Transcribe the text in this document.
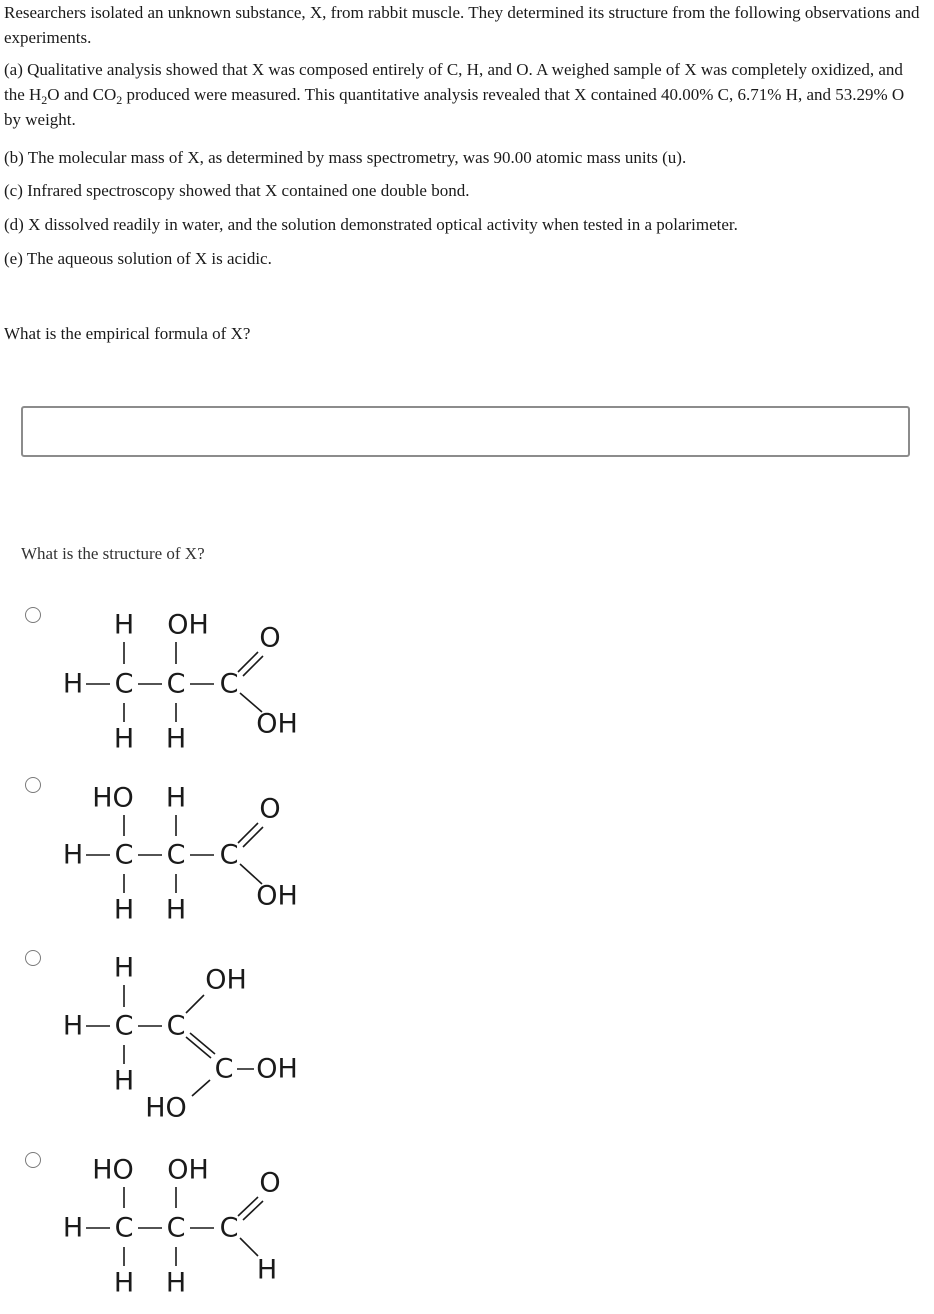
Researchers isolated an unknown substance, X, from rabbit muscle. They determined its structure from the following observations and experiments.

(a) Qualitative analysis showed that X was composed entirely of C, H, and O. A weighed sample of X was completely oxidized, and the $H_2O$ and $CO_2$ produced were measured. This quantitative analysis revealed that X contained 40.00% C, 6.71% H, and 53.29% O by weight.

(b) The molecular mass of X, as determined by mass spectrometry, was 90.00 atomic mass units (u).

(c) Infrared spectroscopy showed that X contained one double bond.

(d) X dissolved readily in water, and the solution demonstrated optical activity when tested in a polarimeter.

(e) The aqueous solution of X is acidic.

What is the empirical formula of X?

What is the structure of X?

H OH
H C C C
O
OH
H H
HO H
H C C C
O
OH
H H
H
H C C
OH
C OH
H
HO
HO OH
H C C C
O
H
H H
